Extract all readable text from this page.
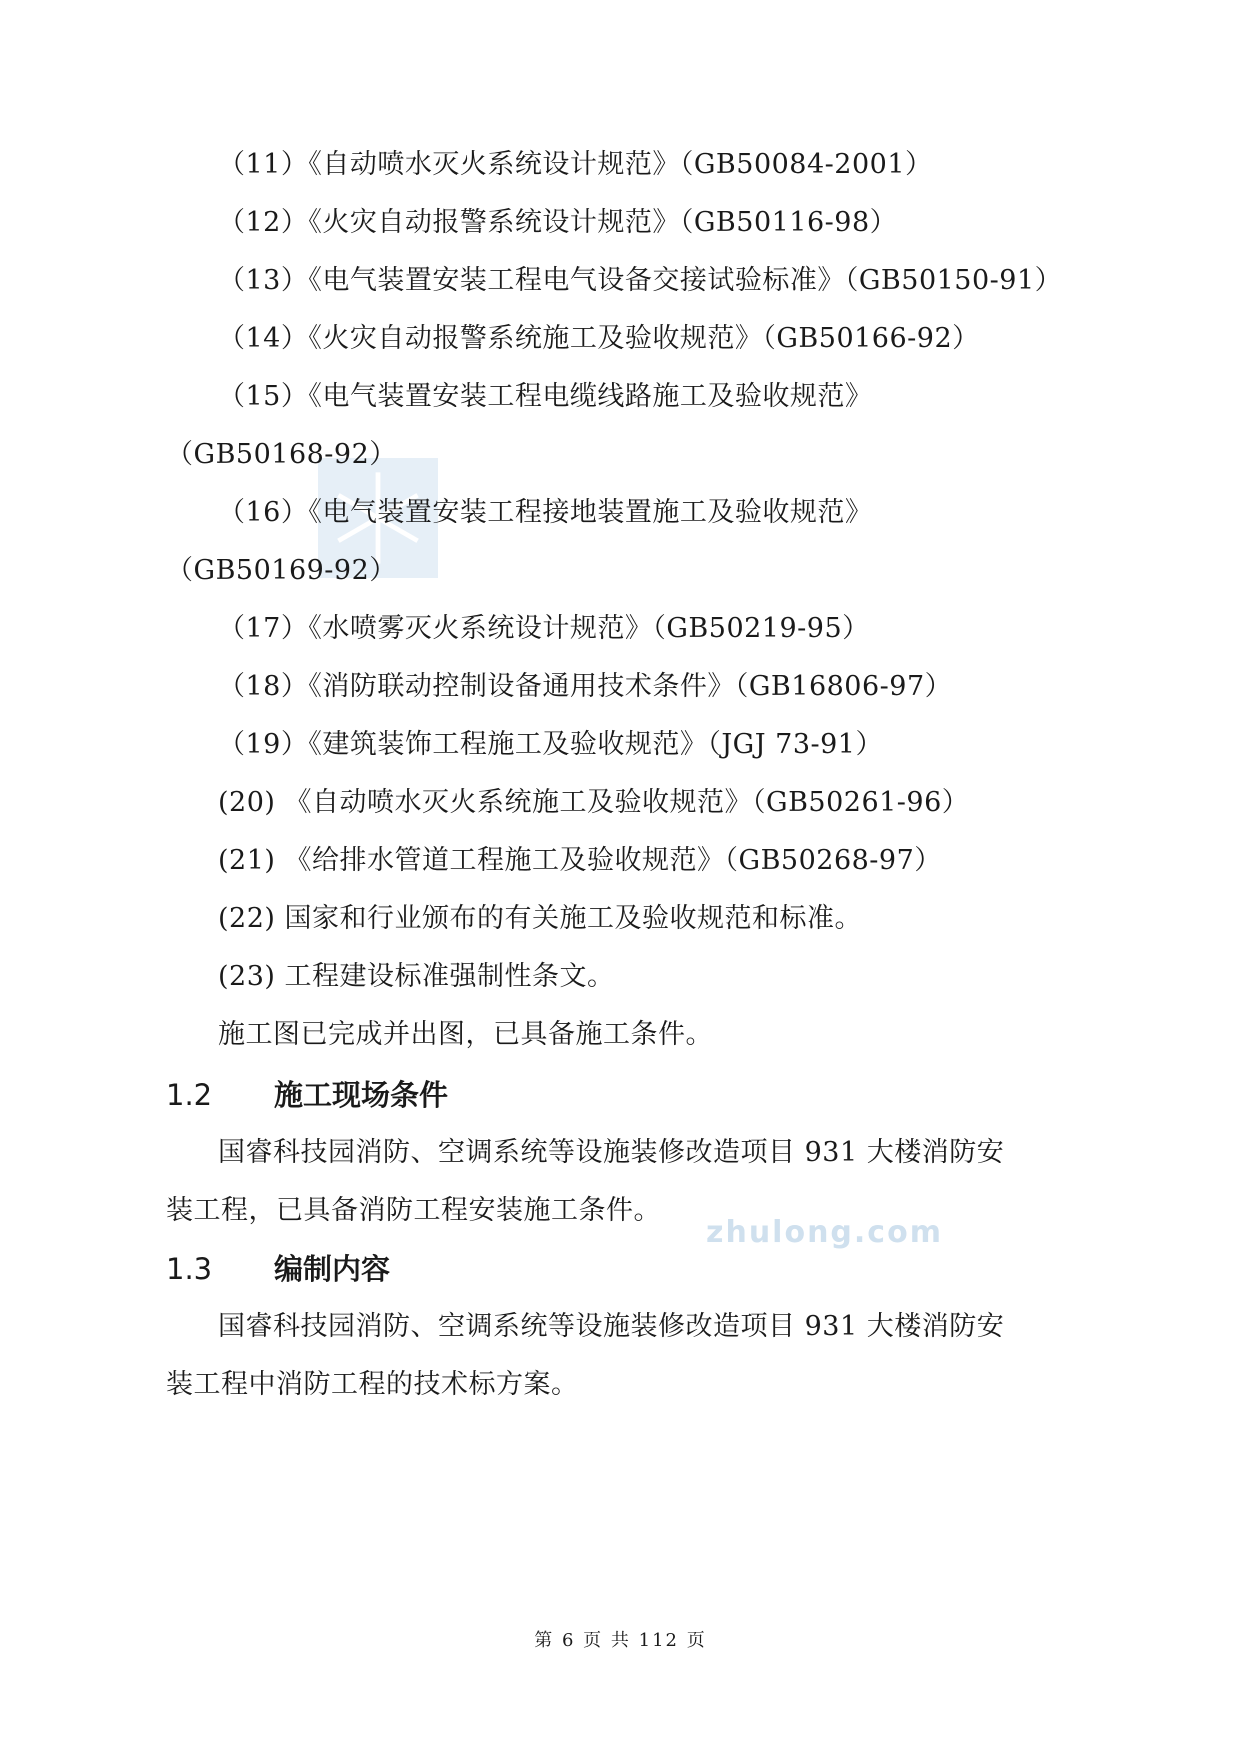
zhulong.com
（11）《自动喷水灭火系统设计规范》（GB50084-2001）
（12）《火灾自动报警系统设计规范》（GB50116-98）
（13）《电气装置安装工程电气设备交接试验标准》（GB50150-91）
（14）《火灾自动报警系统施工及验收规范》（GB50166-92）
（15）《电气装置安装工程电缆线路施工及验收规范》
（GB50168-92）
（16）《电气装置安装工程接地装置施工及验收规范》
（GB50169-92）
（17）《水喷雾灭火系统设计规范》（GB50219-95）
（18）《消防联动控制设备通用技术条件》（GB16806-97）
（19）《建筑装饰工程施工及验收规范》（JGJ 73-91）
(20) 《自动喷水灭火系统施工及验收规范》（GB50261-96）
(21) 《给排水管道工程施工及验收规范》（GB50268-97）
(22) 国家和行业颁布的有关施工及验收规范和标准。
(23) 工程建设标准强制性条文。
施工图已完成并出图，已具备施工条件。
1.2 施工现场条件
国睿科技园消防、空调系统等设施装修改造项目 931 大楼消防安
装工程，已具备消防工程安装施工条件。
1.3 编制内容
国睿科技园消防、空调系统等设施装修改造项目 931 大楼消防安
装工程中消防工程的技术标方案。
第 6 页 共 112 页
